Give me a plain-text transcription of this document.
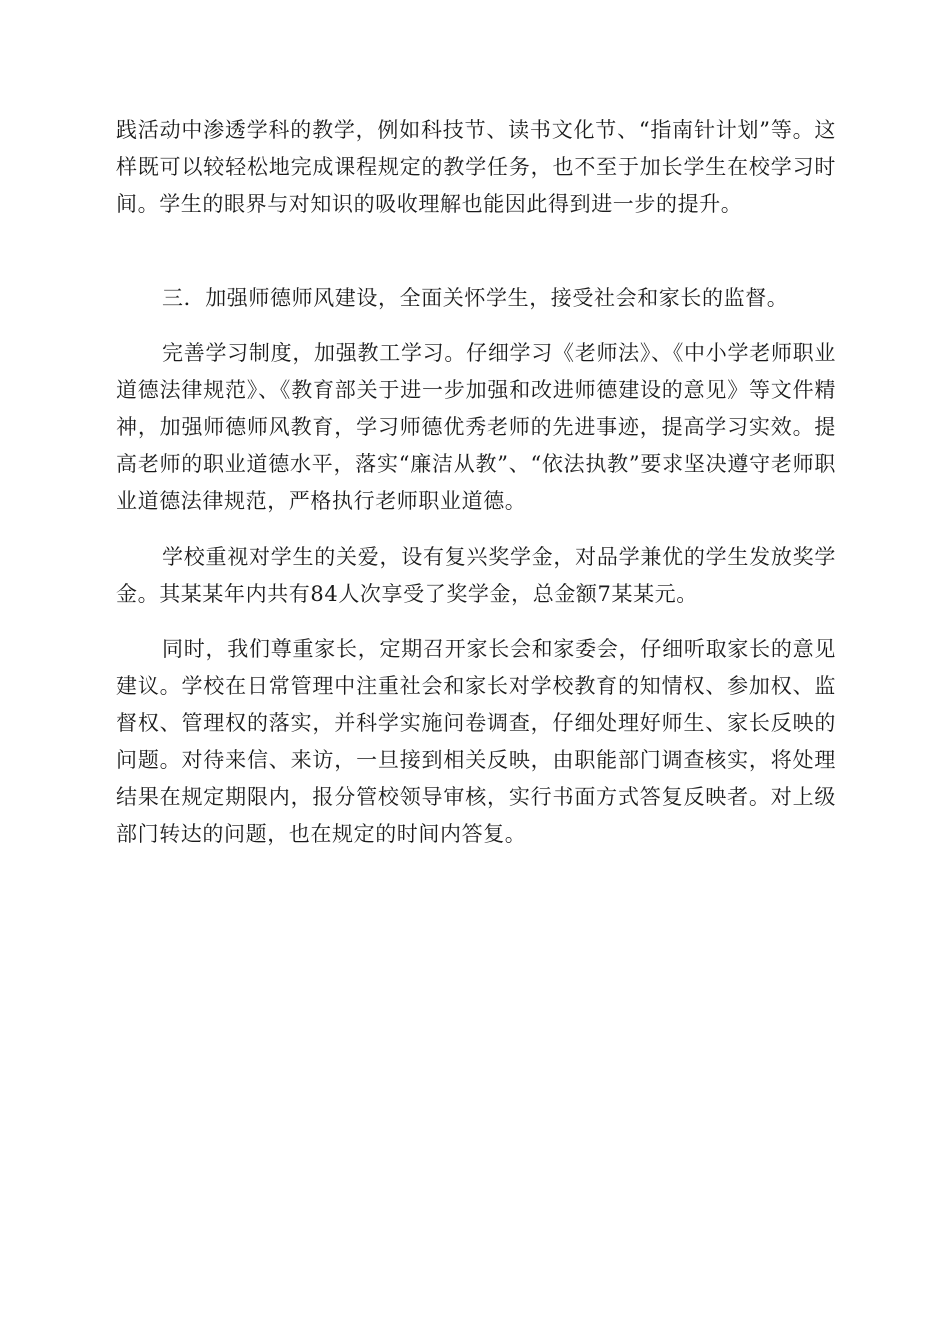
践活动中渗透学科的教学，例如科技节、读书文化节、“指南针计划”等。这样既可以较轻松地完成课程规定的教学任务，也不至于加长学生在校学习时间。学生的眼界与对知识的吸收理解也能因此得到进一步的提升。

三．加强师德师风建设，全面关怀学生，接受社会和家长的监督。

完善学习制度，加强教工学习。仔细学习《老师法》、《中小学老师职业道德法律规范》、《教育部关于进一步加强和改进师德建设的意见》等文件精神，加强师德师风教育，学习师德优秀老师的先进事迹，提高学习实效。提高老师的职业道德水平，落实“廉洁从教”、“依法执教”要求坚决遵守老师职业道德法律规范，严格执行老师职业道德。

学校重视对学生的关爱，设有复兴奖学金，对品学兼优的学生发放奖学金。其某某年内共有84人次享受了奖学金，总金额7某某元。

同时，我们尊重家长，定期召开家长会和家委会，仔细听取家长的意见建议。学校在日常管理中注重社会和家长对学校教育的知情权、参加权、监督权、管理权的落实，并科学实施问卷调查，仔细处理好师生、家长反映的问题。对待来信、来访，一旦接到相关反映，由职能部门调查核实，将处理结果在规定期限内，报分管校领导审核，实行书面方式答复反映者。对上级部门转达的问题，也在规定的时间内答复。
